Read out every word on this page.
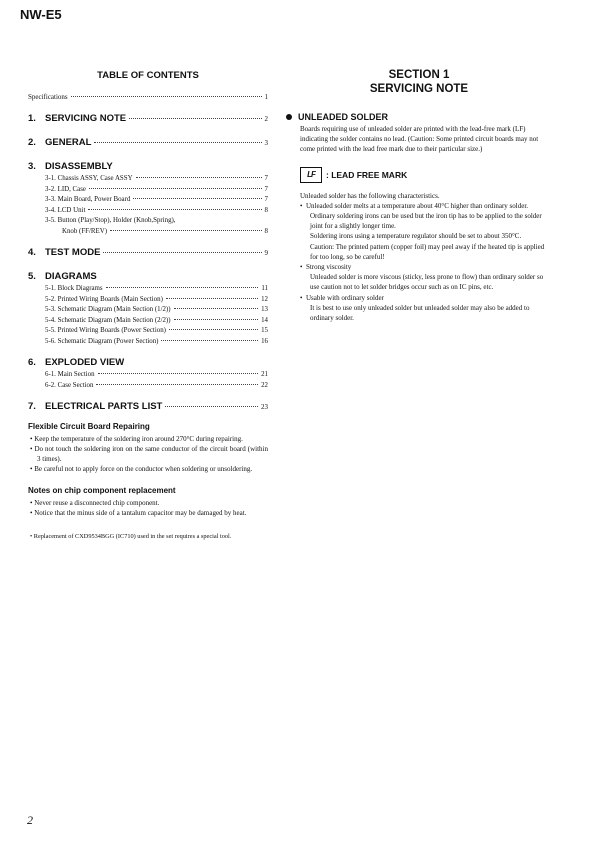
NW-E5
TABLE OF CONTENTS
Specifications	1
1. SERVICING NOTE	2
2. GENERAL	3
3. DISASSEMBLY
3-1. Chassis ASSY, Case ASSY	7
3-2. LID, Case	7
3-3. Main Board, Power Board	7
3-4. LCD Unit	8
3-5. Button (Play/Stop), Holder (Knob,Spring),
Knob (FF/REV)	8
4. TEST MODE	9
5. DIAGRAMS
5-1. Block Diagrams	11
5-2. Printed Wiring Boards (Main Section)	12
5-3. Schematic Diagram (Main Section (1/2))	13
5-4. Schematic Diagram (Main Section (2/2))	14
5-5. Printed Wiring Boards (Power Section)	15
5-6. Schematic Diagram (Power Section)	16
6. EXPLODED VIEW
6-1. Main Section	21
6-2. Case Section	22
7. ELECTRICAL PARTS LIST	23
Flexible Circuit Board Repairing
• Keep the temperature of the soldering iron around 270°C during repairing.
• Do not touch the soldering iron on the same conductor of the circuit board (within 3 times).
• Be careful not to apply force on the conductor when soldering or unsoldering.
Notes on chip component replacement
• Never reuse a disconnected chip component.
• Notice that the minus side of a tantalum capacitor may be damaged by heat.
• Replacement of CXD9534BGG (IC710) used in the set requires a special tool.
SECTION 1
SERVICING NOTE
UNLEADED SOLDER
Boards requiring use of unleaded solder are printed with the lead-free mark (LF) indicating the solder contains no lead. (Caution: Some printed circuit boards may not come printed with the lead free mark due to their particular size.)
LF	: LEAD FREE MARK
Unleaded solder has the following characteristics.
•  Unleaded solder melts at a temperature about 40°C higher than ordinary solder.
Ordinary soldering irons can be used but the iron tip has to be applied to the solder joint for a slightly longer time.
Soldering irons using a temperature regulator should be set to about 350°C.
Caution: The printed pattern (copper foil) may peel away if the heated tip is applied for too long, so be careful!
•  Strong viscosity
Unleaded solder is more viscous (sticky, less prone to flow) than ordinary solder so use caution not to let solder bridges occur such as on IC pins, etc.
•  Usable with ordinary solder
It is best to use only unleaded solder but unleaded solder may also be added to ordinary solder.
2
